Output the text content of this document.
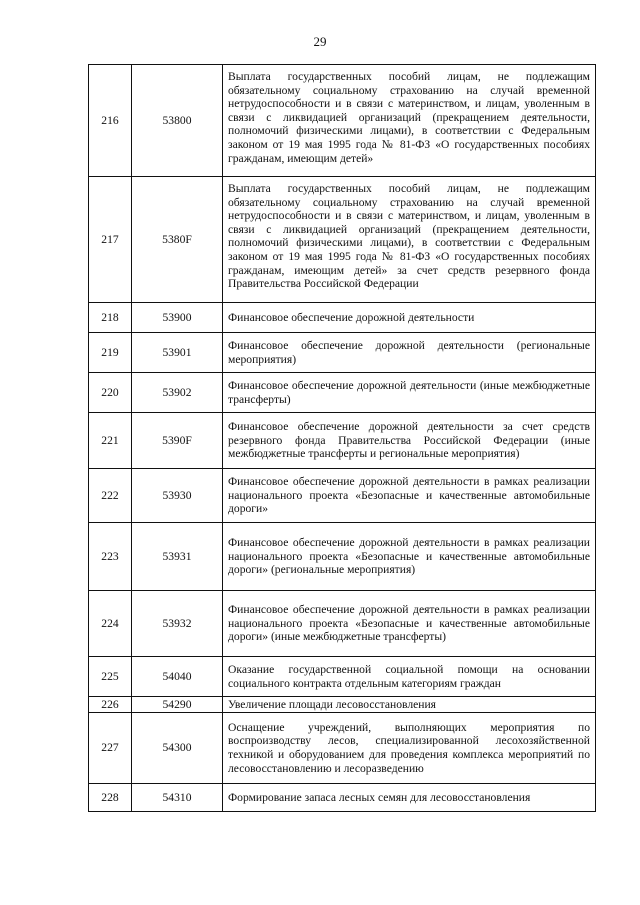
29
216	53800	Выплата государственных пособий лицам, не подлежащим обязательному социальному страхованию на случай временной нетрудоспособности и в связи с материнством, и лицам, уволенным в связи с ликвидацией организаций (прекращением деятельности, полномочий физическими лицами), в соответствии с Федеральным законом от 19 мая 1995 года № 81-ФЗ «О государственных пособиях гражданам, имеющим детей»
217	5380F	Выплата государственных пособий лицам, не подлежащим обязательному социальному страхованию на случай временной нетрудоспособности и в связи с материнством, и лицам, уволенным в связи с ликвидацией организаций (прекращением деятельности, полномочий физическими лицами), в соответствии с Федеральным законом от 19 мая 1995 года № 81-ФЗ «О государственных пособиях гражданам, имеющим детей» за счет средств резервного фонда Правительства Российской Федерации
218	53900	Финансовое обеспечение дорожной деятельности
219	53901	Финансовое обеспечение дорожной деятельности (региональные мероприятия)
220	53902	Финансовое обеспечение дорожной деятельности (иные межбюджетные трансферты)
221	5390F	Финансовое обеспечение дорожной деятельности за счет средств резервного фонда Правительства Российской Федерации (иные межбюджетные трансферты и региональные мероприятия)
222	53930	Финансовое обеспечение дорожной деятельности в рамках реализации национального проекта «Безопасные и качественные автомобильные дороги»
223	53931	Финансовое обеспечение дорожной деятельности в рамках реализации национального проекта «Безопасные и качественные автомобильные дороги» (региональные мероприятия)
224	53932	Финансовое обеспечение дорожной деятельности в рамках реализации национального проекта «Безопасные и качественные автомобильные дороги» (иные межбюджетные трансферты)
225	54040	Оказание государственной социальной помощи на основании социального контракта отдельным категориям граждан
226	54290	Увеличение площади лесовосстановления
227	54300	Оснащение учреждений, выполняющих мероприятия по воспроизводству лесов, специализированной лесохозяйственной техникой и оборудованием для проведения комплекса мероприятий по лесовосстановлению и лесоразведению
228	54310	Формирование запаса лесных семян для лесовосстановления
